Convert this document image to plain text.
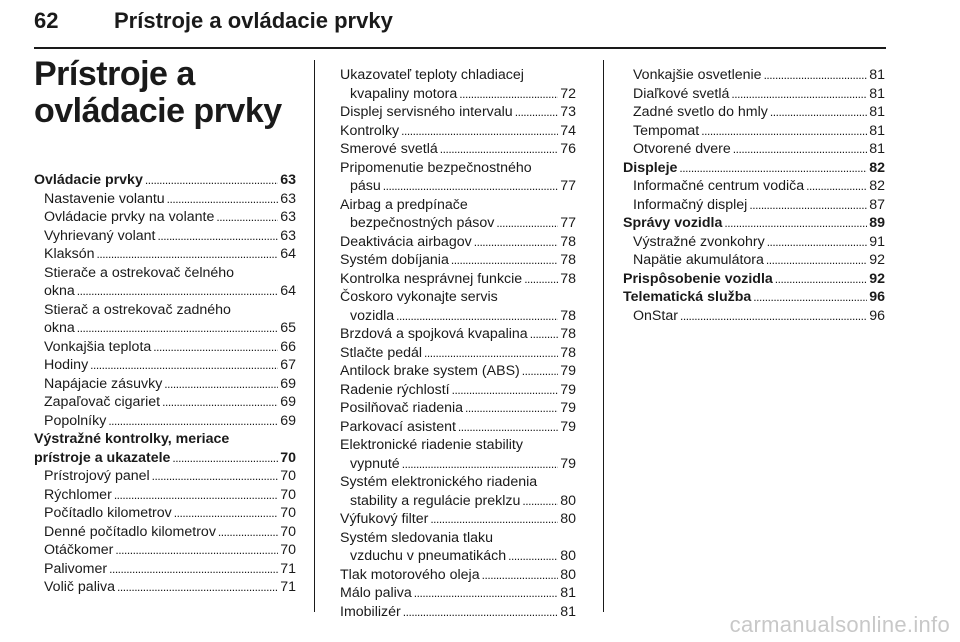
62	Prístroje a ovládacie prvky
Prístroje a ovládacie prvky
Ovládacie prvky . . .	63
Nastavenie volantu . . .	63
Ovládacie prvky na volante . . .	63
Vyhrievaný volant . . .	63
Klaksón . . .	64
Stierače a ostrekovač čelného
okna . . .	64
Stierač a ostrekovač zadného
okna . . .	65
Vonkajšia teplota . . .	66
Hodiny . . .	67
Napájacie zásuvky . . .	69
Zapaľovač cigariet . . .	69
Popolníky . . .	69
Výstražné kontrolky, meriace
prístroje a ukazatele . . .	70
Prístrojový panel . . .	70
Rýchlomer . . .	70
Počítadlo kilometrov . . .	70
Denné počítadlo kilometrov . . .	70
Otáčkomer . . .	70
Palivomer . . .	71
Volič paliva . . .	71
Ukazovateľ teploty chladiacej
kvapaliny motora . . .	72
Displej servisného intervalu . . .	73
Kontrolky . . .	74
Smerové svetlá . . .	76
Pripomenutie bezpečnostného
pásu . . .	77
Airbag a predpínače
bezpečnostných pásov . . .	77
Deaktivácia airbagov . . .	78
Systém dobíjania . . .	78
Kontrolka nesprávnej funkcie . . .	78
Čoskoro vykonajte servis
vozidla . . .	78
Brzdová a spojková kvapalina . . . 78
Stlačte pedál . . .	78
Antilock brake system (ABS) . . .	79
Radenie rýchlostí . . .	79
Posilňovač riadenia . . .	79
Parkovací asistent . . .	79
Elektronické riadenie stability
vypnuté . . .	79
Systém elektronického riadenia
stability a regulácie preklzu . . .	80
Výfukový filter . . .	80
Systém sledovania tlaku
vzduchu v pneumatikách . . .	80
Tlak motorového oleja . . .	80
Málo paliva . . .	81
Imobilizér . . .	81
Vonkajšie osvetlenie . . .	81
Diaľkové svetlá . . .	81
Zadné svetlo do hmly . . .	81
Tempomat . . .	81
Otvorené dvere . . .	81
Displeje . . .	82
Informačné centrum vodiča . . .	82
Informačný displej . . .	87
Správy vozidla . . .	89
Výstražné zvonkohry . . .	91
Napätie akumulátora . . .	92
Prispôsobenie vozidla . . .	92
Telematická služba . . .	96
OnStar . . .	96
carmanualsonline.info
